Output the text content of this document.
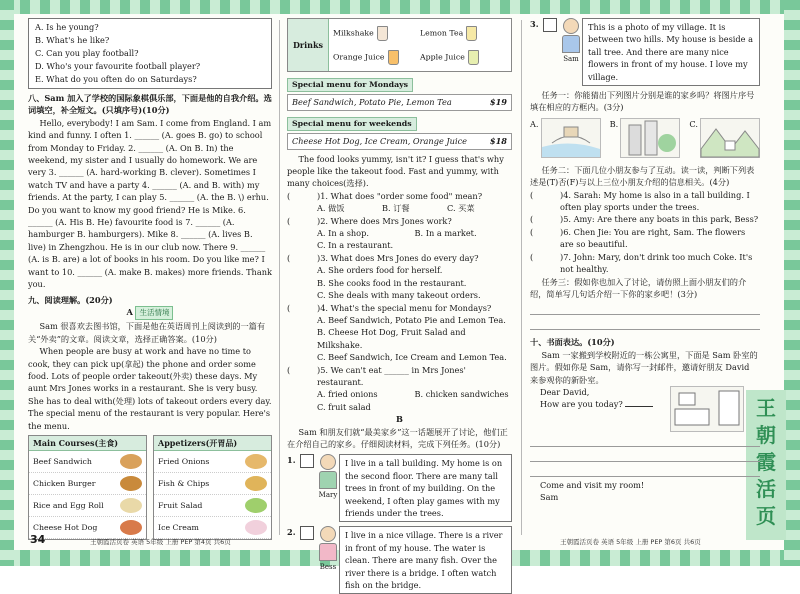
王朝霞活页
A. Is he young?
B. What's he like?
C. Can you play football?
D. Who's your favourite football player?
E. What do you often do on Saturdays?
八、Sam 加入了学校的国际象棋俱乐部，下面是他的自我介绍。选词填空，补全短文。(只填序号)(10分)
Hello, everybody! I am Sam. I come from England. I am kind and funny. I often 1. ______ (A. goes B. go) to school from Monday to Friday. 2. ______ (A. On B. In) the weekend, my sister and I usually do homework. We are very 3. ______ (A. hard-working B. clever). Sometimes I watch TV and have a party 4. ______ (A. and B. with) my friends. At the party, I can play 5. ______ (A. the B. \) erhu. Do you want to know my good friend? He is Mike. 6. ______ (A. His B. He) favourite food is 7. ______ (A. hamburger B. hamburgers). Mike 8. ______ (A. lives B. live) in Zhengzhou. He is in our club now. There 9. ______ (A. is B. are) a lot of books in his room. Do you like me? I want to 10. ______ (A. make B. makes) more friends. Thank you.
九、阅读理解。(20分)
A 生活情境
Sam 很喜欢去图书馆，下面是他在英语周刊上阅读到的一篇有关“外卖”的文章。阅读文章，选择正确答案。(10分)
When people are busy at work and have no time to cook, they can pick up(拿起) the phone and order some food. Lots of people order takeout(外卖) these days. My aunt Mrs Jones works in a restaurant. She is very busy. She has to deal with(处理) lots of takeout orders every day. The special menu of the restaurant is very popular. Here's the menu.
Main Courses(主食)
Beef Sandwich
Chicken Burger
Rice and Egg Roll
Cheese Hot Dog
Appetizers(开胃品)
Fried Onions
Fish & Chips
Fruit Salad
Ice Cream
Drinks
Milkshake	Lemon Tea
Orange Juice	Apple Juice
Special menu for Mondays
Beef Sandwich, Potato Pie, Lemon Tea	$19
Special menu for weekends
Cheese Hot Dog, Ice Cream, Orange Juice	$18
The food looks yummy, isn't it? I guess that's why people like the takeout food. Fast and yummy, with many choices(选择).
(	)1. What does "order some food" mean?
A. 做饭	B. 订餐	C. 买菜
(	)2. Where does Mrs Jones work?
A. In a shop.	B. In a market.
C. In a restaurant.
(	)3. What does Mrs Jones do every day?
A. She orders food for herself.
B. She cooks food in the restaurant.
C. She deals with many takeout orders.
(	)4. What's the special menu for Mondays?
A. Beef Sandwich, Potato Pie and Lemon Tea.
B. Cheese Hot Dog, Fruit Salad and Milkshake.
C. Beef Sandwich, Ice Cream and Lemon Tea.
(	)5. We can't eat ______ in Mrs Jones' restaurant.
A. fried onions	B. chicken sandwiches
C. fruit salad
B
Sam 和朋友们就“最美家乡”这一话题展开了讨论，他们正在介绍自己的家乡。仔细阅读材料，完成下列任务。(10分)
1.
Mary
I live in a tall building. My home is on the second floor. There are many tall trees in front of my building. On the weekend, I often play games with my friends under the trees.
2.
Bess
I live in a nice village. There is a river in front of my house. The water is clean. There are many fish. Over the river there is a bridge. I often watch fish on the bridge.
3.
Sam
This is a photo of my village. It is between two hills. My house is beside a tall tree. And there are many nice flowers in front of my house. I love my village.
任务一：你能猜出下列图片分别是谁的家乡吗？将图片序号填在相应的方框内。(3分)
A.	B.	C.
任务二：下面几位小朋友参与了互动。读一读，判断下列表述是(T)否(F)与以上三位小朋友介绍的信息相关。(4分)
(	)4. Sarah: My home is also in a tall building. I often play sports under the trees.
(	)5. Amy: Are there any boats in this park, Bess?
(	)6. Chen Jie: You are right, Sam. The flowers are so beautiful.
(	)7. John: Mary, don't drink too much Coke. It's not healthy.
任务三：假如你也加入了讨论，请仿照上面小朋友们的介绍，简单写几句话介绍一下你的家乡吧！(3分)
十、书面表达。(10分)
Sam 一家搬到学校附近的一栋公寓里，下面是 Sam 卧室的图片。假如你是 Sam，请你写一封邮件，邀请好朋友 David 来参观你的新卧室。
Dear David,
How are you today?
Come and visit my room!
Sam
34	王朝霞活页卷 英语 5年级 上册 PEP 第4页 共6页	王朝霞活页卷 英语 5年级 上册 PEP 第6页 共6页
